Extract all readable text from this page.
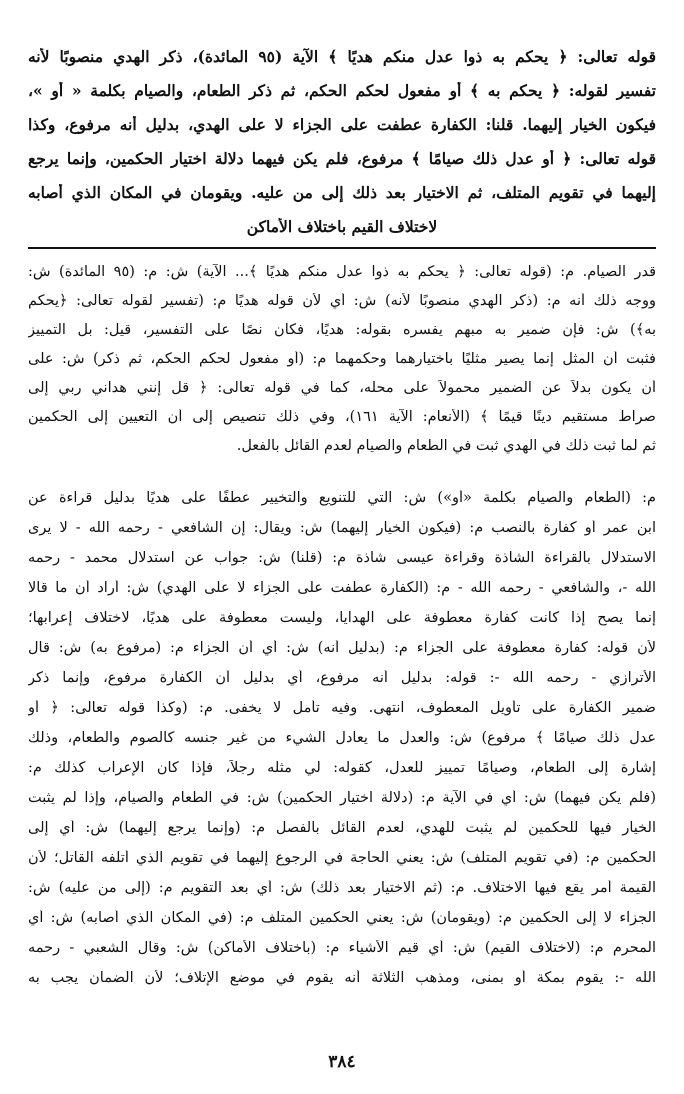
قوله تعالى: ﴿ يحكم به ذوا عدل منكم هديًا ﴾ الآية (٩٥ المائدة)، ذكر الهدي منصوبًا لأنه
تفسير لقوله: ﴿ يحكم به ﴾ أو مفعول لحكم الحكم، ثم ذكر الطعام، والصيام بكلمة « أو »،
فيكون الخيار إليهما. قلنا: الكفارة عطفت على الجزاء لا على الهدي، بدليل أنه مرفوع، وكذا
قوله تعالى: ﴿ أو عدل ذلك صيامًا ﴾ مرفوع، فلم يكن فيهما دلالة اختيار الحكمين، وإنما يرجع
إليهما في تقويم المتلف، ثم الاختيار بعد ذلك إلى من عليه. ويقومان في المكان الذي أصابه
لاختلاف القيم باختلاف الأماكن
قدر الصيام. م: (قوله تعالى: ﴿ يحكم به ذوا عدل منكم هديًا ﴾... الآية) ش: م: (٩٥ المائدة) ش:
ووجه ذلك أنه م: (ذكر الهدي منصوبًا لأنه) ش: أي لأن قوله هديًا م: (تفسير لقوله تعالى: ﴿يحكم
به﴾) ش: فإن ضمير به مبهم يفسره بقوله: هديًا، فكان نصًا على التفسير، قيل: بل التمييز
فثبت أن المثل إنما يصير مثليًا باختيارهما وحكمهما م: (أو مفعول لحكم الحكم، ثم ذكر) ش: على
أن يكون بدلاً عن الضمير محمولاً على محله، كما في قوله تعالى: ﴿ قل إنني هداني ربي إلى
صراط مستقيم دينًا قيمًا ﴾ (الأنعام: الآية ١٦١)، وفي ذلك تنصيص إلى أن التعيين إلى الحكمين
ثم لما ثبت ذلك في الهدي ثبت في الطعام والصيام لعدم القائل بالفعل.
م: (الطعام والصيام بكلمة «أو») ش: التي للتنويع والتخيير عطفًا على هديًا بدليل قراءة عن
ابن عمر أو كفارة بالنصب م: (فيكون الخيار إليهما) ش: ويقال: إن الشافعي - رحمه الله - لا يرى
الاستدلال بالقراءة الشاذة وقراءة عيسى شاذة م: (قلنا) ش: جواب عن استدلال محمد - رحمه
الله -، والشافعي - رحمه الله - م: (الكفارة عطفت على الجزاء لا على الهدي) ش: أراد أن ما قالا
إنما يصح إذا كانت كفارة معطوفة على الهدايا، وليست معطوفة على هديًا، لاختلاف إعرابها؛
لأن قوله: كفارة معطوفة على الجزاء م: (بدليل أنه) ش: أي أن الجزاء م: (مرفوع به) ش: قال
الأترازي - رحمه الله -: قوله: بدليل أنه مرفوع، أي بدليل أن الكفارة مرفوع، وإنما ذكر
ضمير الكفارة على تأويل المعطوف، انتهى. وفيه تأمل لا يخفى. م: (وكذا قوله تعالى: ﴿ أو
عدل ذلك صيامًا ﴾ مرفوع) ش: والعدل ما يعادل الشيء من غير جنسه كالصوم والطعام، وذلك
إشارة إلى الطعام، وصيامًا تمييز للعدل، كقوله: لي مثله رجلاً، فإذا كان الإعراب كذلك م:
(فلم يكن فيهما) ش: أي في الآية م: (دلالة اختيار الحكمين) ش: في الطعام والصيام، وإذا لم يثبت
الخيار فيها للحكمين لم يثبت للهدي، لعدم القائل بالفصل م: (وإنما يرجع إليهما) ش: أي إلى
الحكمين م: (في تقويم المتلف) ش: يعني الحاجة في الرجوع إليهما في تقويم الذي أتلفه القاتل؛ لأن
القيمة أمر يقع فيها الاختلاف. م: (ثم الاختيار بعد ذلك) ش: أي بعد التقويم م: (إلى من عليه) ش:
الجزاء لا إلى الحكمين م: (ويقومان) ش: يعني الحكمين المتلف م: (في المكان الذي أصابه) ش: أي
المحرم م: (لاختلاف القيم) ش: أي قيم الأشياء م: (باختلاف الأماكن) ش: وقال الشعبي - رحمه
الله -: يقوم بمكة أو بمنى، ومذهب الثلاثة أنه يقوم في موضع الإتلاف؛ لأن الضمان يجب به
٣٨٤
